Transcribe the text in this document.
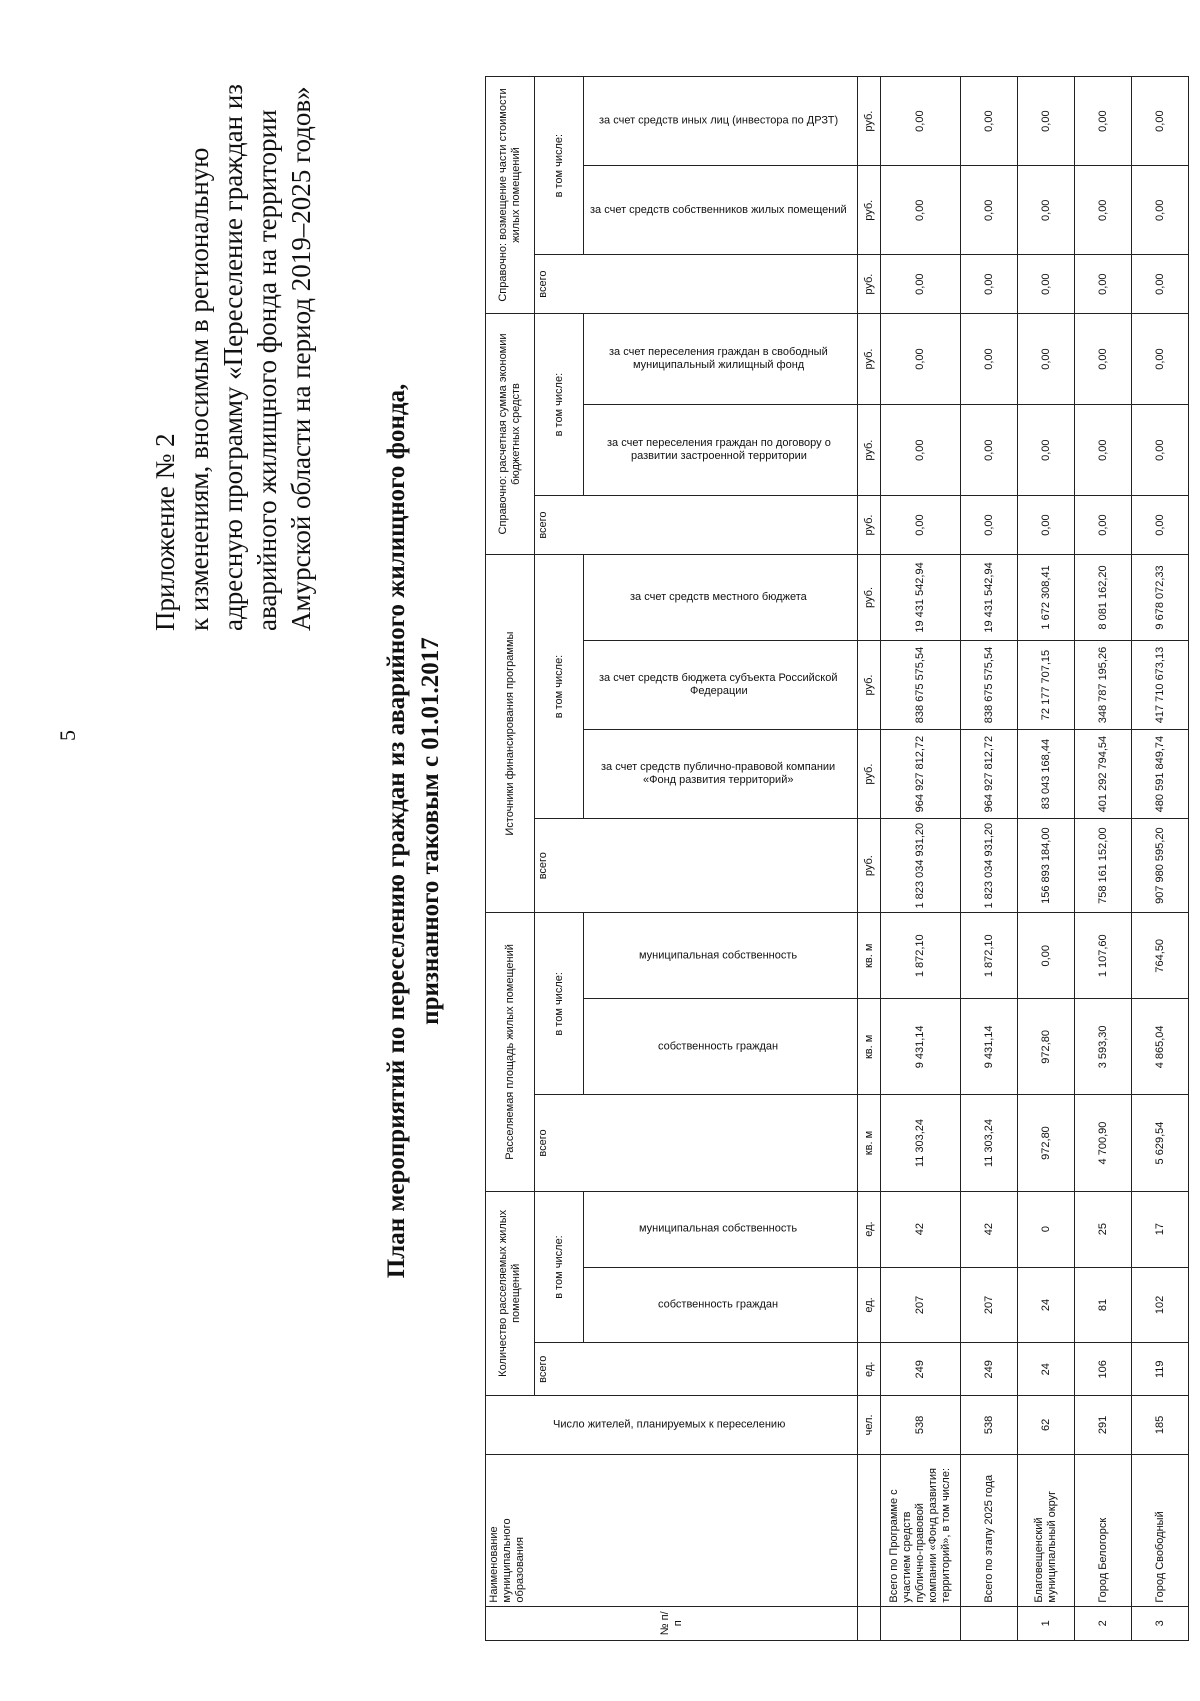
5
Приложение № 2 к изменениям, вносимым в региональную адресную программу «Переселение граждан из аварийного жилищного фонда на территории Амурской области на период 2019–2025 годов»
План мероприятий по переселению граждан из аварийного жилищного фонда, признанного таковым с 01.01.2017
№ п/п	Наименование муниципального образования	Число жителей, планируемых к переселению	Количество расселяемых жилых помещений			Расселяемая площадь жилых помещений			Источники финансирования программы				Справочно: расчетная сумма экономии бюджетных средств			Справочно: возмещение части стоимости жилых помещений		
			всего	в том числе:		всего	в том числе:		всего	в том числе:			всего	в том числе:		всего	в том числе:	
				собственность граждан	муниципальная собственность		собственность граждан	муниципальная собственность		за счет средств публично-правовой компании «Фонд развития территорий»	за счет средств бюджета субъекта Российской Федерации	за счет средств местного бюджета		за счет переселения граждан по договору о развитии застроенной территории	за счет переселения граждан в свободный муниципальный жилищный фонд		за счет средств собственников жилых помещений	за счет средств иных лиц (инвестора по ДРЗТ)
		чел.	ед.	ед.	ед.	кв. м	кв. м	кв. м	руб.	руб.	руб.	руб.	руб.	руб.	руб.	руб.	руб.	руб.
	Всего по Программе с участием средств публично-правовой компании «Фонд развития территорий», в том числе:	538	249	207	42	11 303,24	9 431,14	1 872,10	1 823 034 931,20	964 927 812,72	838 675 575,54	19 431 542,94	0,00	0,00	0,00	0,00	0,00	0,00
	Всего по этапу 2025 года	538	249	207	42	11 303,24	9 431,14	1 872,10	1 823 034 931,20	964 927 812,72	838 675 575,54	19 431 542,94	0,00	0,00	0,00	0,00	0,00	0,00
1	Благовещенский муниципальный округ	62	24	24	0	972,80	972,80	0,00	156 893 184,00	83 043 168,44	72 177 707,15	1 672 308,41	0,00	0,00	0,00	0,00	0,00	0,00
2	Город Белогорск	291	106	81	25	4 700,90	3 593,30	1 107,60	758 161 152,00	401 292 794,54	348 787 195,26	8 081 162,20	0,00	0,00	0,00	0,00	0,00	0,00
3	Город Свободный	185	119	102	17	5 629,54	4 865,04	764,50	907 980 595,20	480 591 849,74	417 710 673,13	9 678 072,33	0,00	0,00	0,00	0,00	0,00	0,00
